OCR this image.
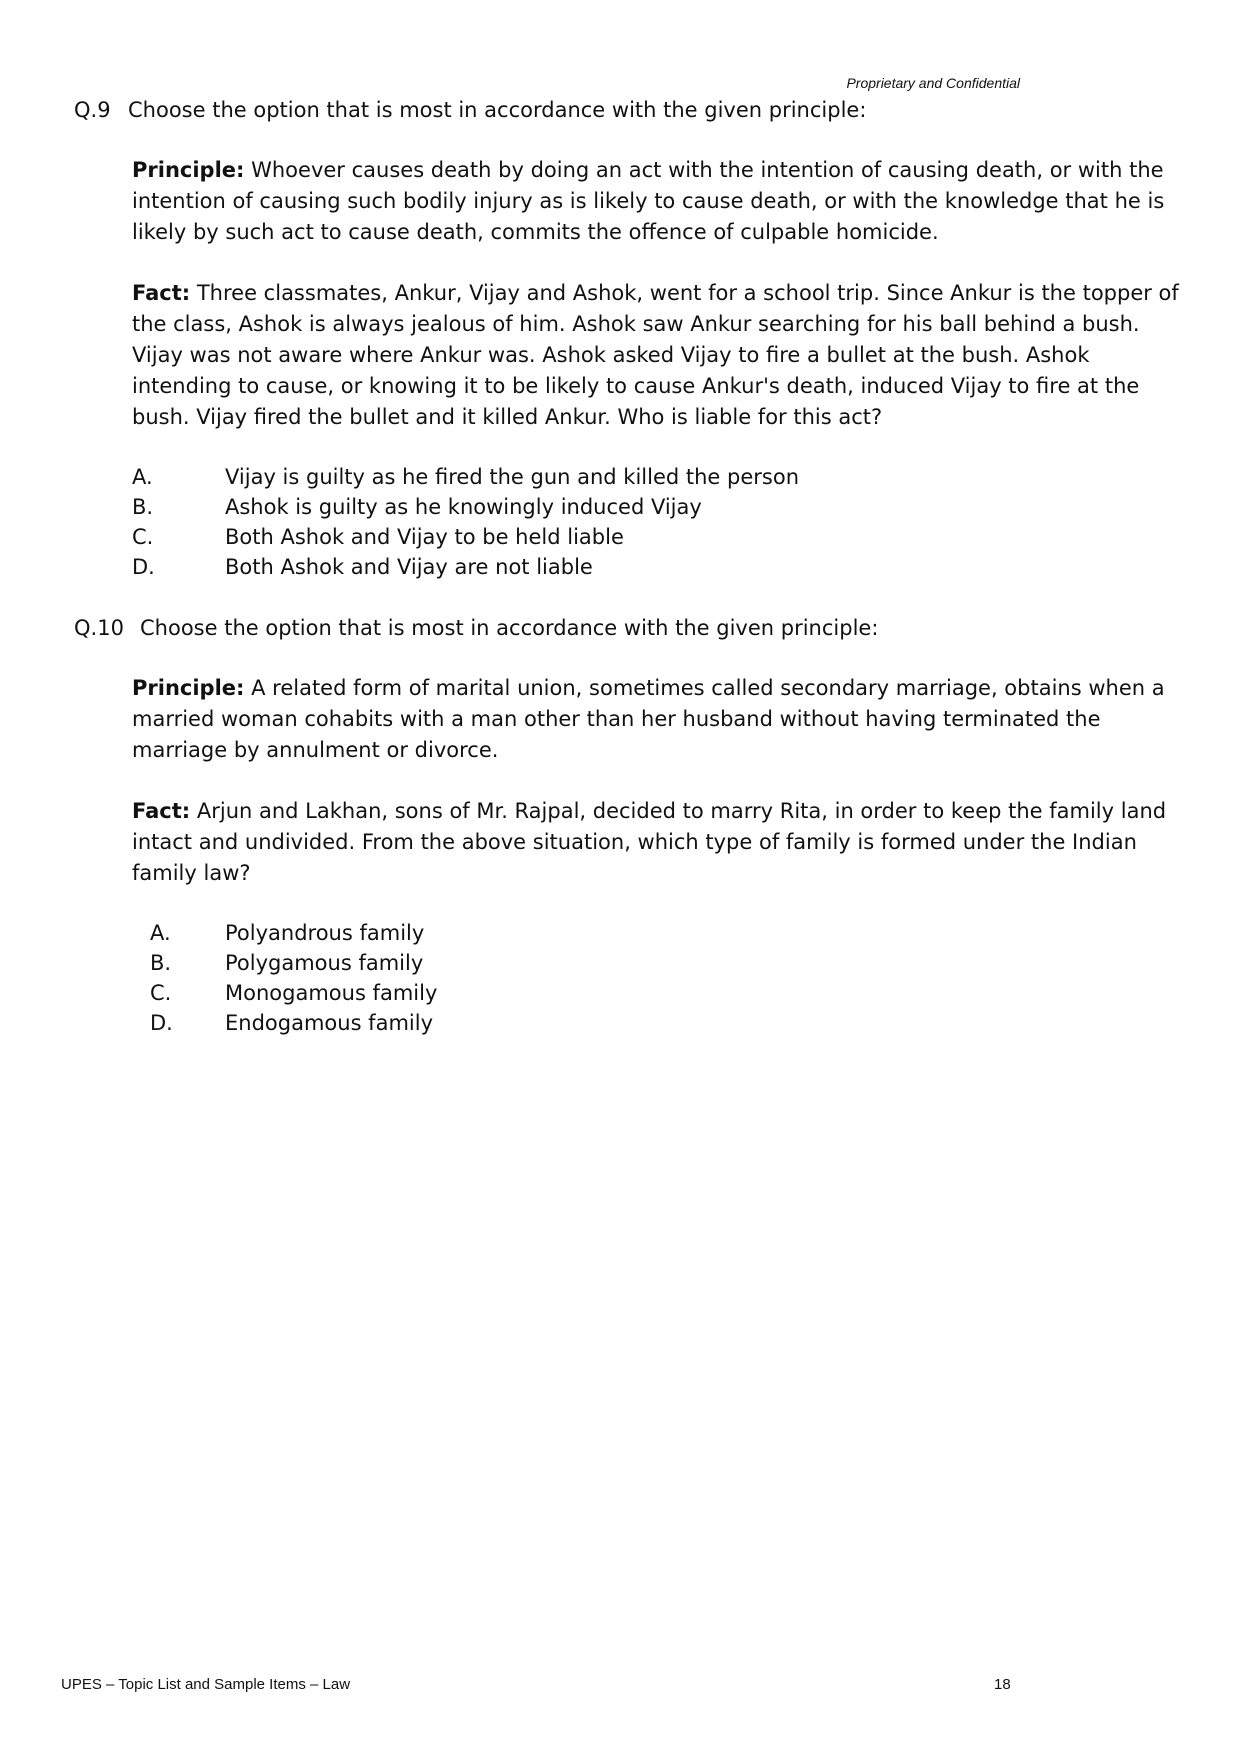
Proprietary and Confidential
Q.9 Choose the option that is most in accordance with the given principle:
Principle: Whoever causes death by doing an act with the intention of causing death, or with the intention of causing such bodily injury as is likely to cause death, or with the knowledge that he is likely by such act to cause death, commits the offence of culpable homicide.
Fact: Three classmates, Ankur, Vijay and Ashok, went for a school trip. Since Ankur is the topper of the class, Ashok is always jealous of him. Ashok saw Ankur searching for his ball behind a bush. Vijay was not aware where Ankur was. Ashok asked Vijay to fire a bullet at the bush. Ashok intending to cause, or knowing it to be likely to cause Ankur's death, induced Vijay to fire at the bush. Vijay fired the bullet and it killed Ankur. Who is liable for this act?
A.	Vijay is guilty as he fired the gun and killed the person
B.	Ashok is guilty as he knowingly induced Vijay
C.	Both Ashok and Vijay to be held liable
D.	Both Ashok and Vijay are not liable
Q.10 Choose the option that is most in accordance with the given principle:
Principle: A related form of marital union, sometimes called secondary marriage, obtains when a married woman cohabits with a man other than her husband without having terminated the marriage by annulment or divorce.
Fact: Arjun and Lakhan, sons of Mr. Rajpal, decided to marry Rita, in order to keep the family land intact and undivided. From the above situation, which type of family is formed under the Indian family law?
A.	Polyandrous family
B.	Polygamous family
C.	Monogamous family
D. Endogamous family
UPES – Topic List and Sample Items – Law	18
